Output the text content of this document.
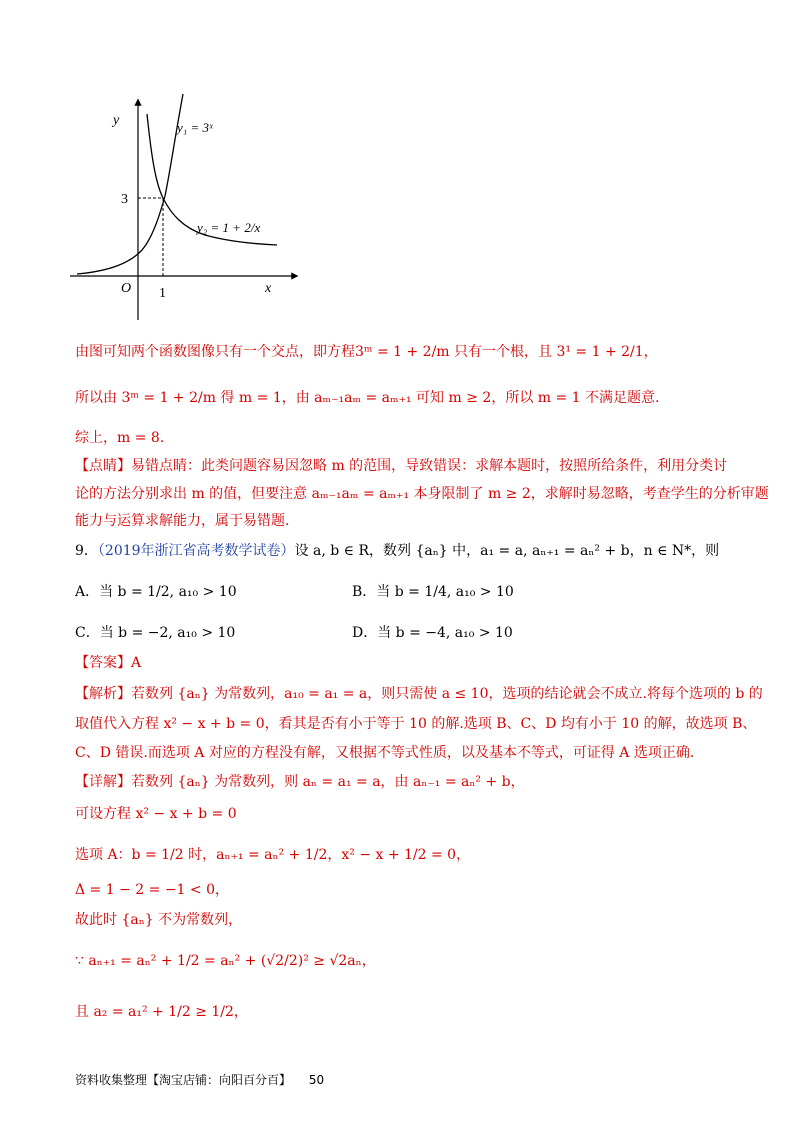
y
x
O 1
3
y₁ = 3ˣ
y₂ = 1 + 2/x
由图可知两个函数图像只有一个交点，即方程3ᵐ = 1 + 2/m 只有一个根，且 3¹ = 1 + 2/1，
所以由 3ᵐ = 1 + 2/m 得 m = 1，由 aₘ₋₁aₘ = aₘ₊₁ 可知 m ≥ 2，所以 m = 1 不满足题意.
综上，m = 8.
【点睛】易错点睛：此类问题容易因忽略 m 的范围，导致错误：求解本题时，按照所给条件，利用分类讨
论的方法分别求出 m 的值，但要注意 aₘ₋₁aₘ = aₘ₊₁ 本身限制了 m ≥ 2，求解时易忽略，考查学生的分析审题
能力与运算求解能力，属于易错题.
9．（2019年浙江省高考数学试卷）设 a, b ∈ R，数列 {aₙ} 中，a₁ = a, aₙ₊₁ = aₙ² + b，n ∈ N*，则
A．当 b = 1/2, a₁₀ > 10	B．当 b = 1/4, a₁₀ > 10
C．当 b = −2, a₁₀ > 10	D．当 b = −4, a₁₀ > 10
【答案】A
【解析】若数列 {aₙ} 为常数列，a₁₀ = a₁ = a，则只需使 a ≤ 10，选项的结论就会不成立.将每个选项的 b 的
取值代入方程 x² − x + b = 0，看其是否有小于等于 10 的解.选项 B、C、D 均有小于 10 的解，故选项 B、
C、D 错误.而选项 A 对应的方程没有解，又根据不等式性质，以及基本不等式，可证得 A 选项正确.
【详解】若数列 {aₙ} 为常数列，则 aₙ = a₁ = a，由 aₙ₋₁ = aₙ² + b，
可设方程 x² − x + b = 0
选项 A：b = 1/2 时，aₙ₊₁ = aₙ² + 1/2，x² − x + 1/2 = 0，
Δ = 1 − 2 = −1 < 0，
故此时 {aₙ} 不为常数列，
∵ aₙ₊₁ = aₙ² + 1/2 = aₙ² + (√2/2)² ≥ √2aₙ，
且 a₂ = a₁² + 1/2 ≥ 1/2，
资料收集整理【淘宝店铺：向阳百分百】 50
